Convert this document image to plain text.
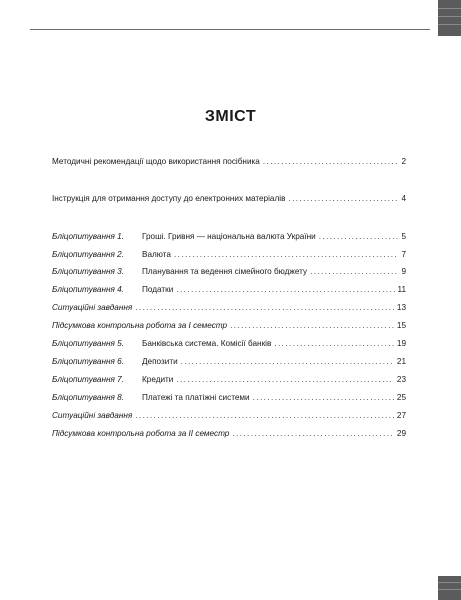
ЗМІСТ
Методичні рекомендації щодо використання посібника .....	2
Інструкція для отримання доступу до електронних матеріалів .....	4
Бліцопитування 1.	Гроші. Гривня — національна валюта України .....	5
Бліцопитування 2.	Валюта .....	7
Бліцопитування 3.	Планування та ведення сімейного бюджету .....	9
Бліцопитування 4.	Податки .....	11
Ситуаційні завдання .....	13
Підсумкова контрольна робота за I семестр .....	15
Бліцопитування 5.	Банківська система. Комісії банків .....	19
Бліцопитування 6.	Депозити .....	21
Бліцопитування 7.	Кредити .....	23
Бліцопитування 8.	Платежі та платіжні системи .....	25
Ситуаційні завдання .....	27
Підсумкова контрольна робота за II семестр .....	29
